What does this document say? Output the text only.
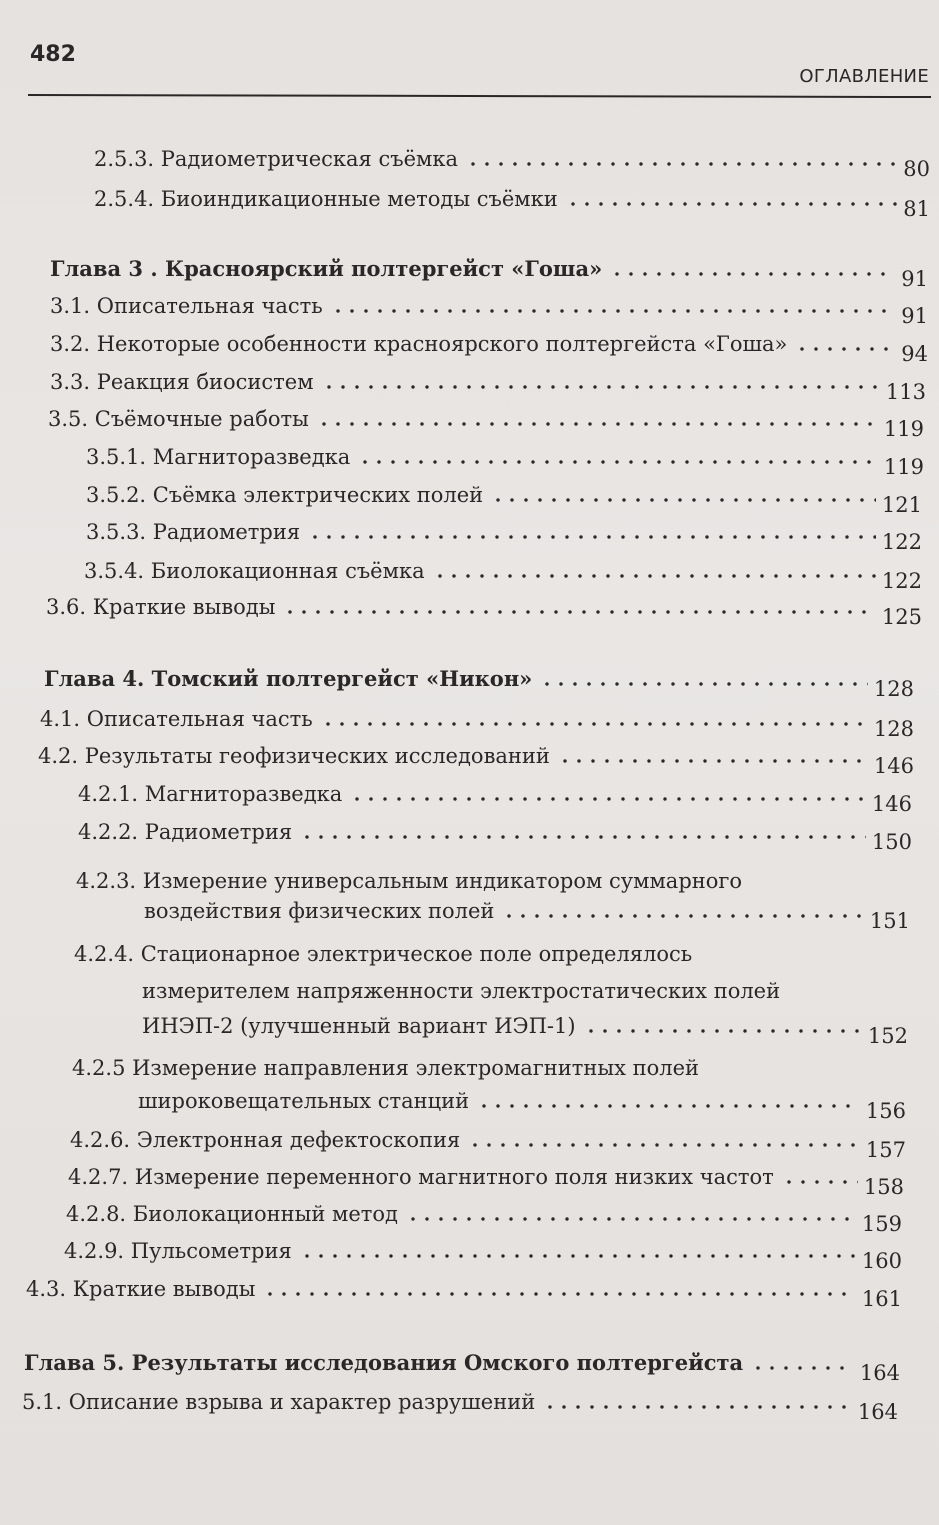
482
ОГЛАВЛЕНИЕ
2.5.3. Радиометрическая съёмка	80
2.5.4. Биоиндикационные методы съёмки	81
Глава 3 . Красноярский полтергейст «Гоша»	91
3.1. Описательная часть	91
3.2. Некоторые особенности красноярского полтергейста «Гоша»	94
3.3. Реакция биосистем	113
3.5. Съёмочные работы	119
3.5.1. Магниторазведка	119
3.5.2. Съёмка электрических полей	121
3.5.3. Радиометрия	122
3.5.4. Биолокационная съёмка	122
3.6. Краткие выводы	125
Глава 4. Томский полтергейст «Никон»	128
4.1. Описательная часть	128
4.2. Результаты геофизических исследований	146
4.2.1. Магниторазведка	146
4.2.2. Радиометрия	150
4.2.3. Измерение универсальным индикатором суммарного
воздействия физических полей	151
4.2.4. Стационарное электрическое поле определялось
измерителем напряженности электростатических полей
ИНЭП-2 (улучшенный вариант ИЭП-1)	152
4.2.5 Измерение направления электромагнитных полей
широковещательных станций	156
4.2.6. Электронная дефектоскопия	157
4.2.7. Измерение переменного магнитного поля низких частот	158
4.2.8. Биолокационный метод	159
4.2.9. Пульсометрия	160
4.3. Краткие выводы	161
Глава 5. Результаты исследования Омского полтергейста	164
5.1. Описание взрыва и характер разрушений	164
